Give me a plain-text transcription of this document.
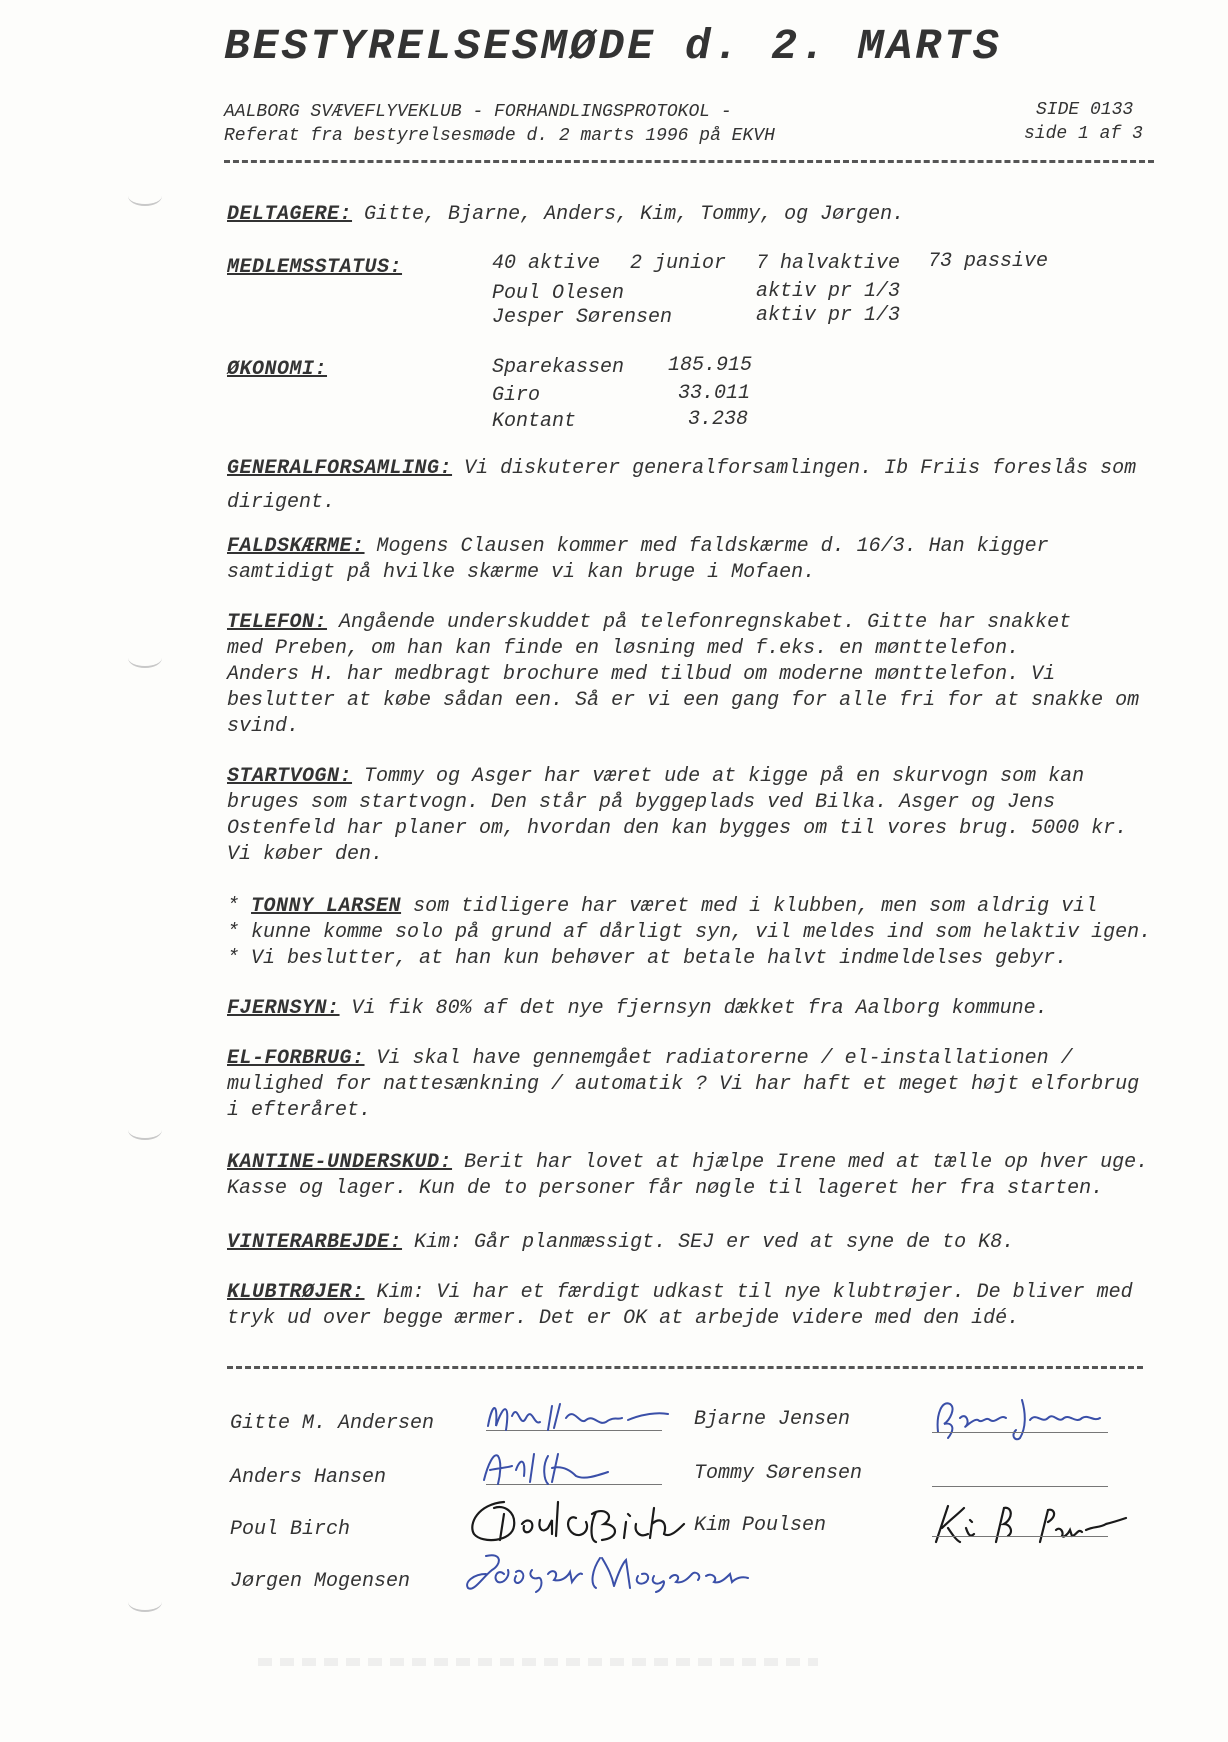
BESTYRELSESMØDE d. 2. MARTS
AALBORG SVÆVEFLYVEKLUB - FORHANDLINGSPROTOKOL -
Referat fra bestyrelsesmøde d. 2 marts 1996 på EKVH
SIDE 0133
side 1 af 3
DELTAGERE: Gitte, Bjarne, Anders, Kim, Tommy, og Jørgen.
MEDLEMSSTATUS:	40 aktive 2 junior 7 halvaktive 73 passive
Poul Olesen	aktiv pr 1/3
Jesper Sørensen	aktiv pr 1/3
ØKONOMI:	Sparekassen 185.915
Giro	33.011
Kontant	3.238
GENERALFORSAMLING: Vi diskuterer generalforsamlingen. Ib Friis foreslås som
dirigent.
FALDSKÆRME: Mogens Clausen kommer med faldskærme d. 16/3. Han kigger
samtidigt på hvilke skærme vi kan bruge i Mofaen.
TELEFON: Angående underskuddet på telefonregnskabet. Gitte har snakket
med Preben, om han kan finde en løsning med f.eks. en mønttelefon.
Anders H. har medbragt brochure med tilbud om moderne mønttelefon. Vi
beslutter at købe sådan een. Så er vi een gang for alle fri for at snakke om
svind.
STARTVOGN: Tommy og Asger har været ude at kigge på en skurvogn som kan
bruges som startvogn. Den står på byggeplads ved Bilka. Asger og Jens
Ostenfeld har planer om, hvordan den kan bygges om til vores brug. 5000 kr.
Vi køber den.
* TONNY LARSEN som tidligere har været med i klubben, men som aldrig vil
* kunne komme solo på grund af dårligt syn, vil meldes ind som helaktiv igen.
* Vi beslutter, at han kun behøver at betale halvt indmeldelses gebyr.
FJERNSYN: Vi fik 80% af det nye fjernsyn dækket fra Aalborg kommune.
EL-FORBRUG: Vi skal have gennemgået radiatorerne / el-installationen /
mulighed for nattesænkning / automatik ? Vi har haft et meget højt elforbrug
i efteråret.
KANTINE-UNDERSKUD: Berit har lovet at hjælpe Irene med at tælle op hver uge.
Kasse og lager. Kun de to personer får nøgle til lageret her fra starten.
VINTERARBEJDE: Kim: Går planmæssigt. SEJ er ved at syne de to K8.
KLUBTRØJER: Kim: Vi har et færdigt udkast til nye klubtrøjer. De bliver med
tryk ud over begge ærmer. Det er OK at arbejde videre med den idé.
Gitte M. Andersen	Bjarne Jensen
Anders Hansen	Tommy Sørensen
Poul Birch	Kim Poulsen
Jørgen Mogensen
